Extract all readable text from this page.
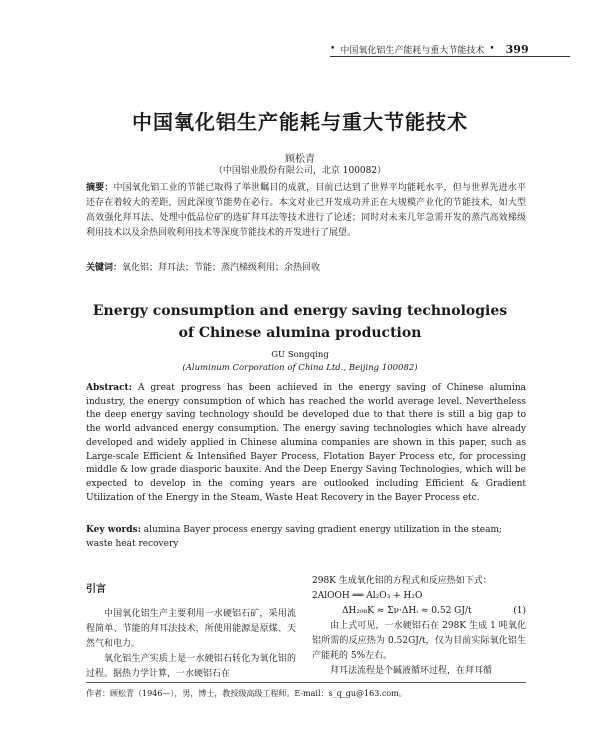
• 中国氧化铝生产能耗与重大节能技术 • 399
中国氧化铝生产能耗与重大节能技术
顾松青
（中国铝业股份有限公司，北京 100082）
摘要：中国氧化铝工业的节能已取得了举世瞩目的成就，目前已达到了世界平均能耗水平，但与世界先进水平还存在着较大的差距，因此深度节能势在必行。本文对业已开发成功并正在大规模产业化的节能技术，如大型高效强化拜耳法、处理中低品位矿的选矿拜耳法等技术进行了论述；同时对未来几年急需开发的蒸汽高效梯级利用技术以及余热回收利用技术等深度节能技术的开发进行了展望。
关键词：氧化铝；拜耳法；节能；蒸汽梯级利用；余热回收
Energy consumption and energy saving technologies
of Chinese alumina production
GU Songqing
(Aluminum Corporation of China Ltd., Beijing 100082)
Abstract: A great progress has been achieved in the energy saving of Chinese alumina industry, the energy consumption of which has reached the world average level. Nevertheless the deep energy saving technology should be developed due to that there is still a big gap to the world advanced energy consumption. The energy saving technologies which have already developed and widely applied in Chinese alumina companies are shown in this paper, such as Large-scale Efficient & Intensified Bayer Process, Flotation Bayer Process etc, for processing middle & low grade diasporic bauxite. And the Deep Energy Saving Technologies, which will be expected to develop in the coming years are outlooked including Efficient & Gradient Utilization of the Energy in the Steam, Waste Heat Recovery in the Bayer Process etc.
Key words: alumina Bayer process energy saving gradient energy utilization in the steam; waste heat recovery
引言

中国氧化铝生产主要利用一水硬铝石矿，采用流程简单、节能的拜耳法技术，所使用能源是原煤、天然气和电力。

氧化铝生产实质上是一水硬铝石转化为氧化铝的过程。据热力学计算，一水硬铝石在

298K 生成氧化铝的方程式和反应热如下式：

2AlOOH ══ Al₂O₃ + H₂O

ΔH₂₉₈K ≈ Σν·ΔHᵢ ≈ 0.52 GJ/t	(1)

由上式可见，一水硬铝石在 298K 生成 1 吨氧化铝所需的反应热为 0.52GJ/t，仅为目前实际氧化铝生产能耗的 5%左右。

拜耳法流程是个碱液循环过程，在拜耳循

作者：顾松青（1946—），男，博士，教授级高级工程师。E-mail：s_q_gu@163.com。
